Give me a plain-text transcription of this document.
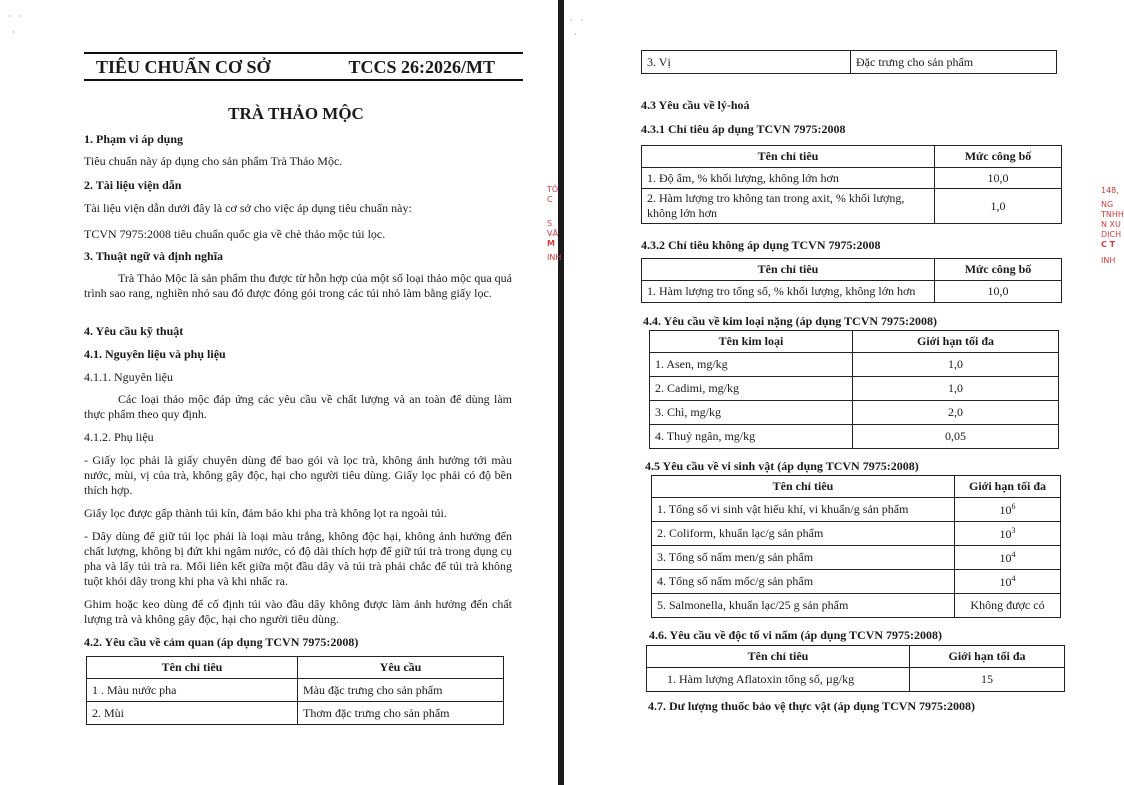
· ·
·
· ·
·
TIÊU CHUẨN CƠ SỞ	TCCS 26:2026/MT
TRÀ THẢO MỘC
1. Phạm vi áp dụng
Tiêu chuẩn này áp dụng cho sản phẩm Trà Thảo Mộc.
2. Tài liệu viện dẫn
Tài liệu viện dẫn dưới đây là cơ sở cho việc áp dụng tiêu chuẩn này:
TCVN 7975:2008 tiêu chuẩn quốc gia về chè thảo mộc túi lọc.
3. Thuật ngữ và định nghĩa
Trà Thảo Mộc là sản phẩm thu được từ hỗn hợp của một số loại thảo mộc qua quá trình sao rang, nghiền nhỏ sau đó được đóng gói trong các túi nhỏ làm bằng giấy lọc.
4. Yêu cầu kỹ thuật
4.1. Nguyên liệu và phụ liệu
4.1.1. Nguyên liệu
Các loại thảo mộc đáp ứng các yêu cầu về chất lượng và an toàn để dùng làm thực phẩm theo quy định.
4.1.2. Phụ liệu
- Giấy lọc phải là giấy chuyên dùng để bao gói và lọc trà, không ảnh hưởng tới màu nước, mùi, vị của trà, không gây độc, hại cho người tiêu dùng. Giấy lọc phải có độ bền thích hợp.
Giấy lọc được gấp thành túi kín, đảm bảo khi pha trà không lọt ra ngoài túi.
- Dây dùng để giữ túi lọc phải là loại màu trắng, không độc hại, không ảnh hưởng đến chất lượng, không bị đứt khi ngâm nước, có độ dài thích hợp để giữ túi trà trong dụng cụ pha và lấy túi trà ra. Mối liên kết giữa một đầu dây và túi trà phải chắc để túi trà không tuột khỏi dây trong khi pha và khi nhấc ra.
Ghim hoặc keo dùng để cố định túi vào đầu dây không được làm ảnh hưởng đến chất lượng trà và không gây độc, hại cho người tiêu dùng.
4.2. Yêu cầu về cảm quan (áp dụng TCVN 7975:2008)
Tên chỉ tiêu	Yêu cầu
1 . Màu nước pha	Màu đặc trưng cho sản phẩm
2. Mùi	Thơm đặc trưng cho sản phẩm
TÔ
C
S
VĂ
M
INH
3. Vị	Đặc trưng cho sản phẩm
4.3 Yêu cầu về lý-hoá
4.3.1 Chỉ tiêu áp dụng TCVN 7975:2008
Tên chỉ tiêu	Mức công bố
1. Độ ẩm, % khối lượng, không lớn hơn	10,0
2. Hàm lượng tro không tan trong axit, % khối lượng, không lớn hơn	1,0
4.3.2 Chỉ tiêu không áp dụng TCVN 7975:2008
Tên chỉ tiêu	Mức công bố
1. Hàm lượng tro tổng số, % khối lượng, không lớn hơn	10,0
4.4. Yêu cầu về kim loại nặng (áp dụng TCVN 7975:2008)
Tên kim loại	Giới hạn tối đa
1. Asen, mg/kg	1,0
2. Cadimi, mg/kg	1,0
3. Chì, mg/kg	2,0
4. Thuỷ ngân, mg/kg	0,05
4.5 Yêu cầu về vi sinh vật (áp dụng TCVN 7975:2008)
Tên chỉ tiêu	Giới hạn tối đa
1. Tổng số vi sinh vật hiếu khí, vi khuẩn/g sản phẩm	$10^6$
2. Coliform, khuẩn lạc/g sản phẩm	$10^3$
3. Tổng số nấm men/g sản phẩm	$10^4$
4. Tổng số nấm mốc/g sản phẩm	$10^4$
5. Salmonella, khuẩn lạc/25 g sản phẩm	Không được có
4.6. Yêu cầu về độc tố vi nấm (áp dụng TCVN 7975:2008)
Tên chỉ tiêu	Giới hạn tối đa
1. Hàm lượng Aflatoxin tổng số, µg/kg	15
4.7. Dư lượng thuốc bảo vệ thực vật (áp dụng TCVN 7975:2008)
148,
NG
TNHH
N XU
DỊCH
C T
INH
